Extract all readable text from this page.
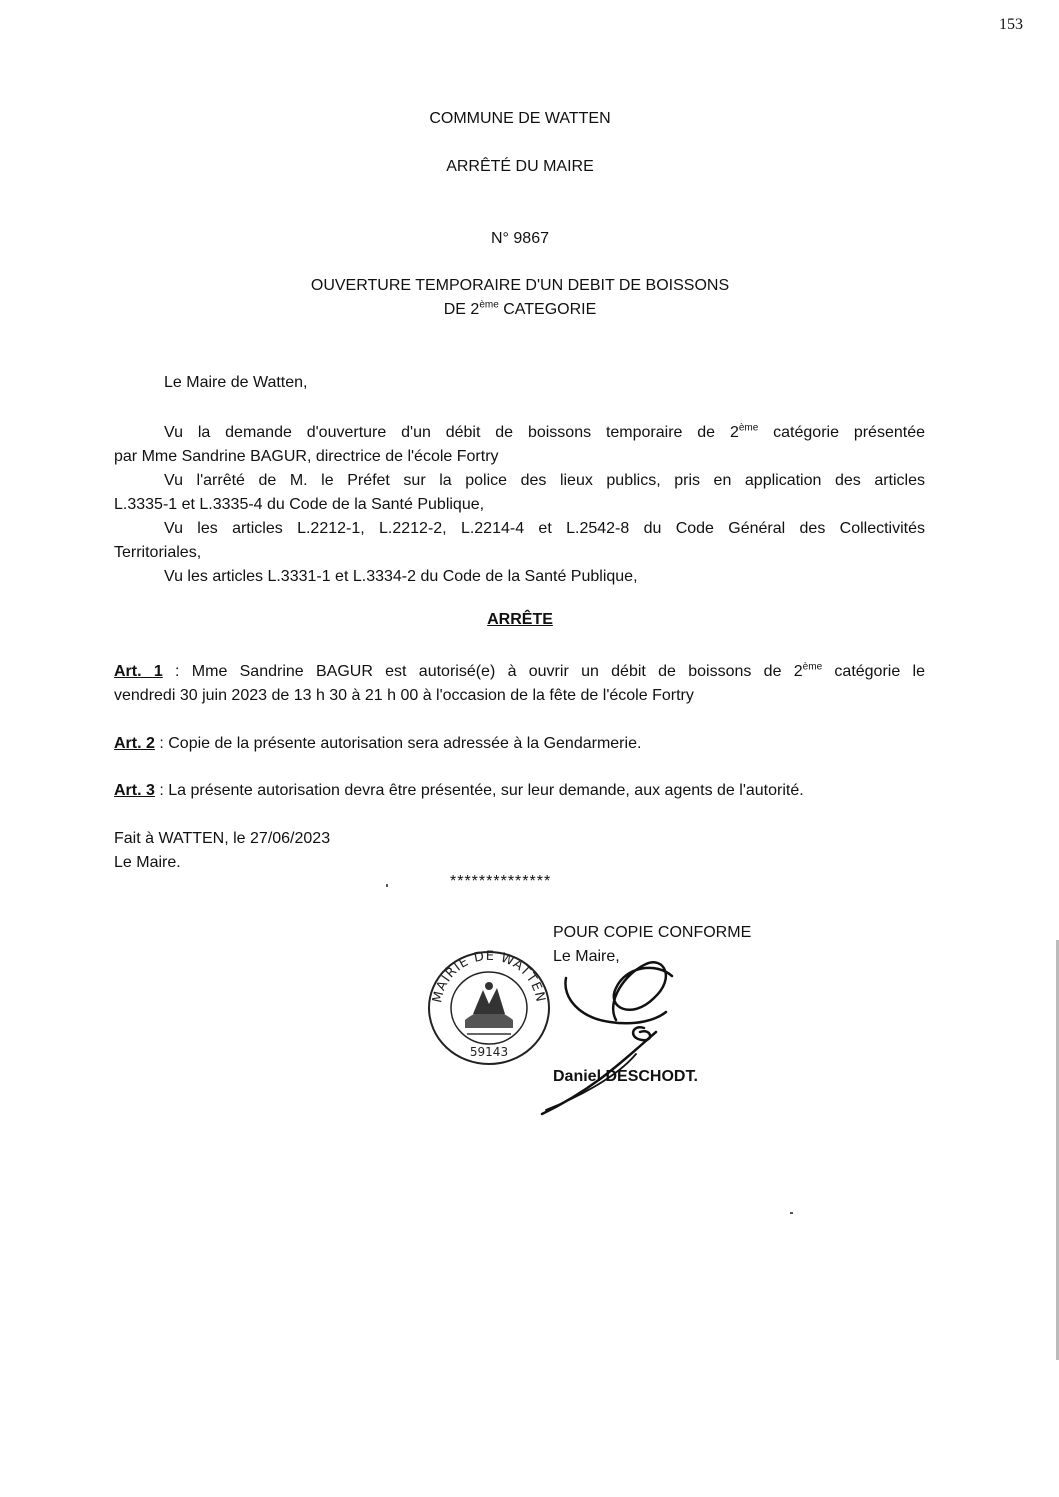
153
COMMUNE DE WATTEN
ARRÊTÉ DU MAIRE
N° 9867
OUVERTURE TEMPORAIRE D'UN DEBIT DE BOISSONS
DE 2ème CATEGORIE
Le Maire de Watten,
Vu la demande d'ouverture d'un débit de boissons temporaire de 2ème catégorie présentée
par Mme Sandrine BAGUR, directrice de l'école Fortry
Vu l'arrêté de M. le Préfet sur la police des lieux publics, pris en application des articles
L.3335-1 et L.3335-4 du Code de la Santé Publique,
Vu les articles L.2212-1, L.2212-2, L.2214-4 et L.2542-8 du Code Général des Collectivités
Territoriales,
Vu les articles L.3331-1 et L.3334-2 du Code de la Santé Publique,
ARRÊTE
Art. 1 : Mme Sandrine BAGUR est autorisé(e) à ouvrir un débit de boissons de 2ème catégorie le
vendredi 30 juin 2023 de 13 h 30 à 21 h 00 à l'occasion de la fête de l'école Fortry
Art. 2 : Copie de la présente autorisation sera adressée à la Gendarmerie.
Art. 3 : La présente autorisation devra être présentée, sur leur demande, aux agents de l'autorité.
Fait à WATTEN, le 27/06/2023
Le Maire.
**************
POUR COPIE CONFORME
Le Maire,
MAIRIE DE WATTEN
59143
Daniel DESCHODT.
